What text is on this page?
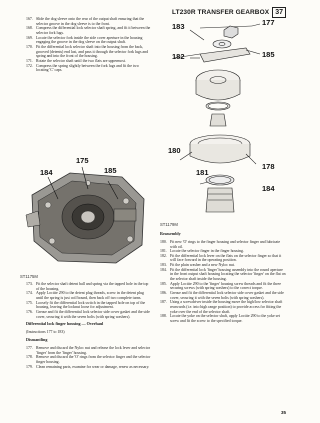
LT230R TRANSFER GEARBOX 37
167. Slide the dog sleeve onto the rear of the output shaft ensuring that the selector groove in the dog sleeve is to the front.
168. Compress the differential lock selector shaft spring, and fit it between the selector fork lugs.
169. Locate the selector fork inside the side cover aperture in the housing engaging the groove in the dog sleeve on the output shaft.
170. Fit the differential lock selector shaft into the housing from the back, grooved (detents) end last, and pass it through the selector fork lugs and spring and into the front of the housing.
171. Rotate the selector shaft until the two flats are uppermost.
172. Compress the spring slightly between the fork lugs and fit the two locating 'C' caps.
175
185
184
ST1175M
173. Fit the selector shaft detent ball and spring via the tapped hole in the top of the housing.
174. Apply Loctite 290 to the detent plug threads, screw in the detent plug until the spring is just coil bound, then back off two complete turns.
175. Loosely fit the differential lock switch in the tapped hole on top of the housing, leaving the locknut loose for adjustment.
176. Grease and fit the differential lock selector side cover gasket and the side cover, securing it with the seven bolts (with spring washers).
Differential lock finger housing — Overhaul
(Instructions 177 to 183)
Dismantling
177. Remove and discard the Nyloc nut and release the lock lever and selector 'finger' from the 'finger' housing.
178. Remove and discard the 'O' rings from the selector finger and the selector finger housing.
179. Clean remaining parts, examine for wear or damage, renew as necessary.
177
183
185
182
180
178
181
184
ST1179M
Reassembly
180. Fit new 'O' rings to the finger housing and selector finger and lubricate with oil.
181. Locate the selector finger in the finger housing.
182. Fit the differential lock lever on the flats on the selector finger so that it will face forward in the operating position.
183. Fit the plain washer and a new Nyloc nut.
184. Fit the differential lock 'finger' housing assembly into the round aperture in the front output shaft housing locating the selector 'finger' on the flat on the selector shaft inside the housing.
185. Apply Loctite 290 to the 'finger' housing screw threads and fit the three securing screws (with spring washers) to the correct torque.
186. Grease and fit the differential lock selector side cover gasket and the side cover, securing it with the seven bolts (with spring washers).
187. Using a screwdriver inside the housing move the high/low selector shaft rearwards (i.e. into high range position) to provide access for fitting the yoke over the end of the selector shaft.
188. Locate the yoke on the selector shaft, apply Loctite 290 to the yoke set screw and fit the screw to the specified torque.
35
